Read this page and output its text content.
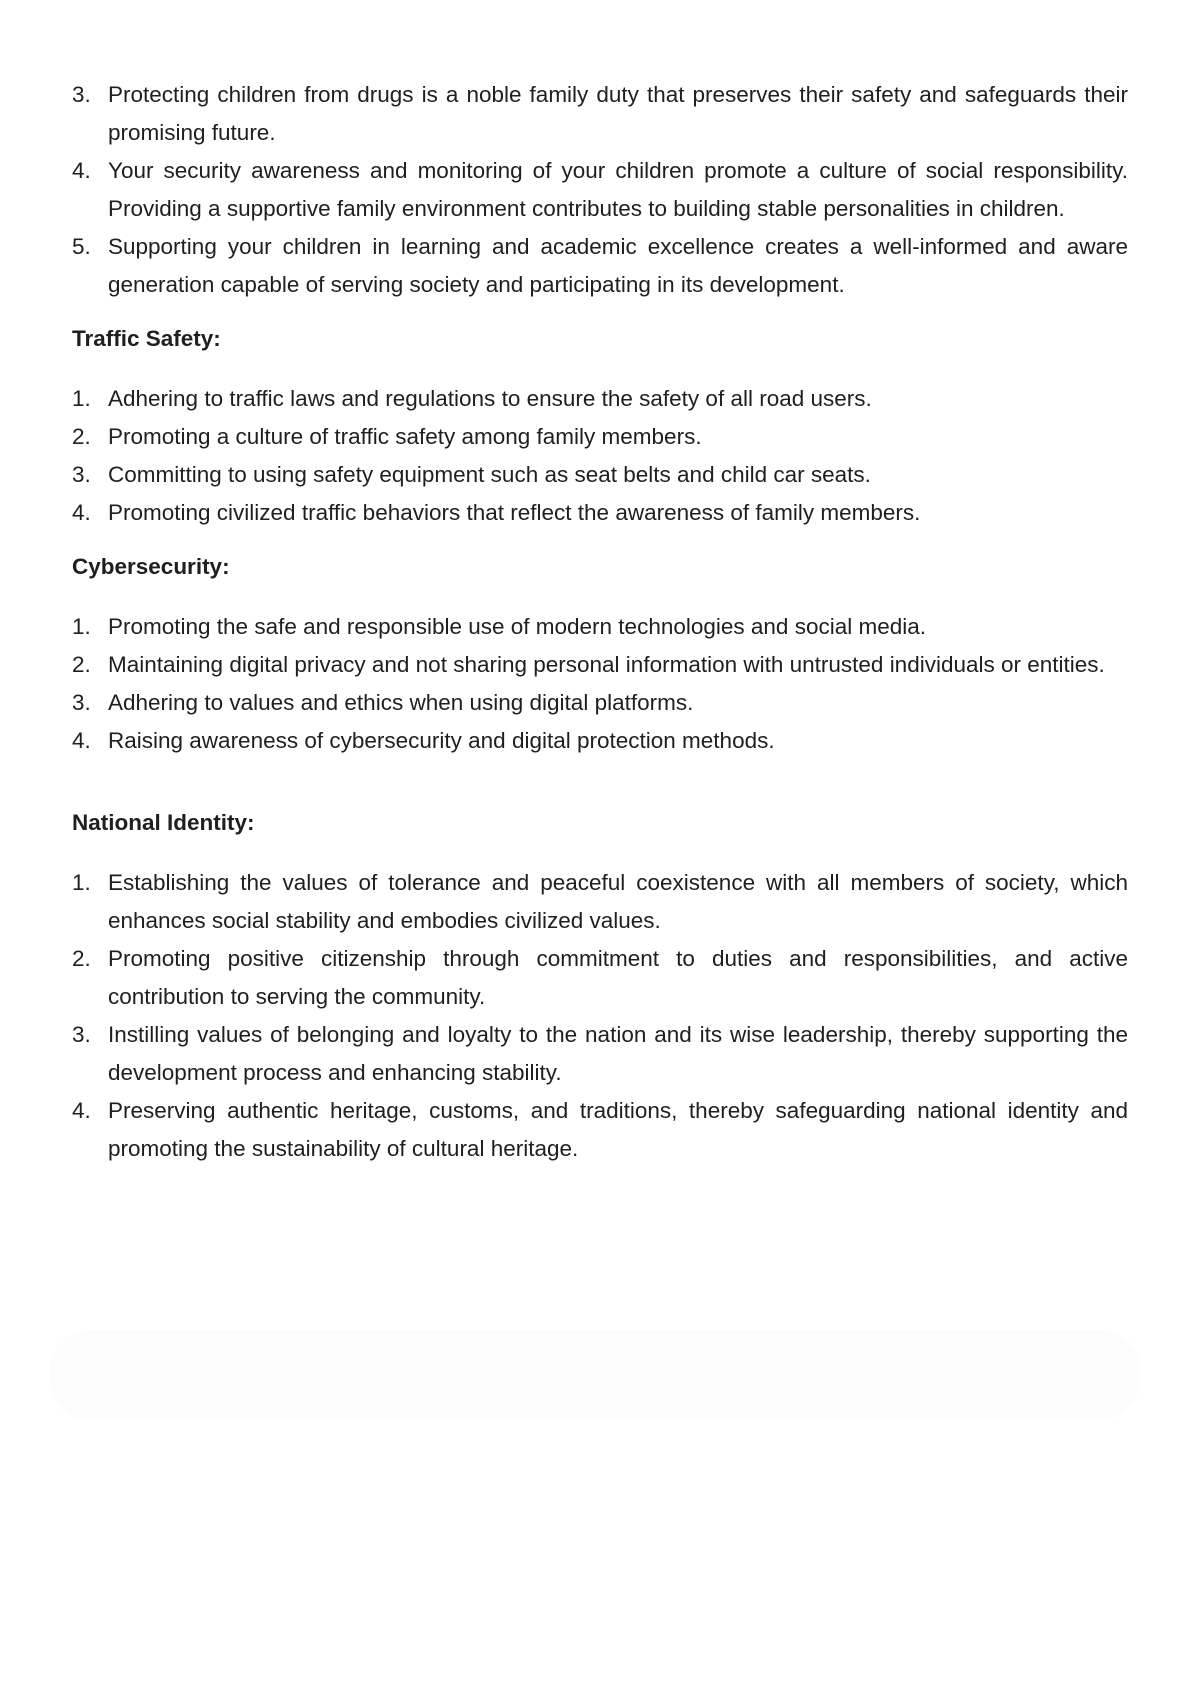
3. Protecting children from drugs is a noble family duty that preserves their safety and safeguards their promising future.
4. Your security awareness and monitoring of your children promote a culture of social responsibility. Providing a supportive family environment contributes to building stable personalities in children.
5. Supporting your children in learning and academic excellence creates a well-informed and aware generation capable of serving society and participating in its development.
Traffic Safety:
1. Adhering to traffic laws and regulations to ensure the safety of all road users.
2. Promoting a culture of traffic safety among family members.
3. Committing to using safety equipment such as seat belts and child car seats.
4. Promoting civilized traffic behaviors that reflect the awareness of family members.
Cybersecurity:
1. Promoting the safe and responsible use of modern technologies and social media.
2. Maintaining digital privacy and not sharing personal information with untrusted individuals or entities.
3. Adhering to values and ethics when using digital platforms.
4. Raising awareness of cybersecurity and digital protection methods.
National Identity:
1. Establishing the values of tolerance and peaceful coexistence with all members of society, which enhances social stability and embodies civilized values.
2. Promoting positive citizenship through commitment to duties and responsibilities, and active contribution to serving the community.
3. Instilling values of belonging and loyalty to the nation and its wise leadership, thereby supporting the development process and enhancing stability.
4. Preserving authentic heritage, customs, and traditions, thereby safeguarding national identity and promoting the sustainability of cultural heritage.
